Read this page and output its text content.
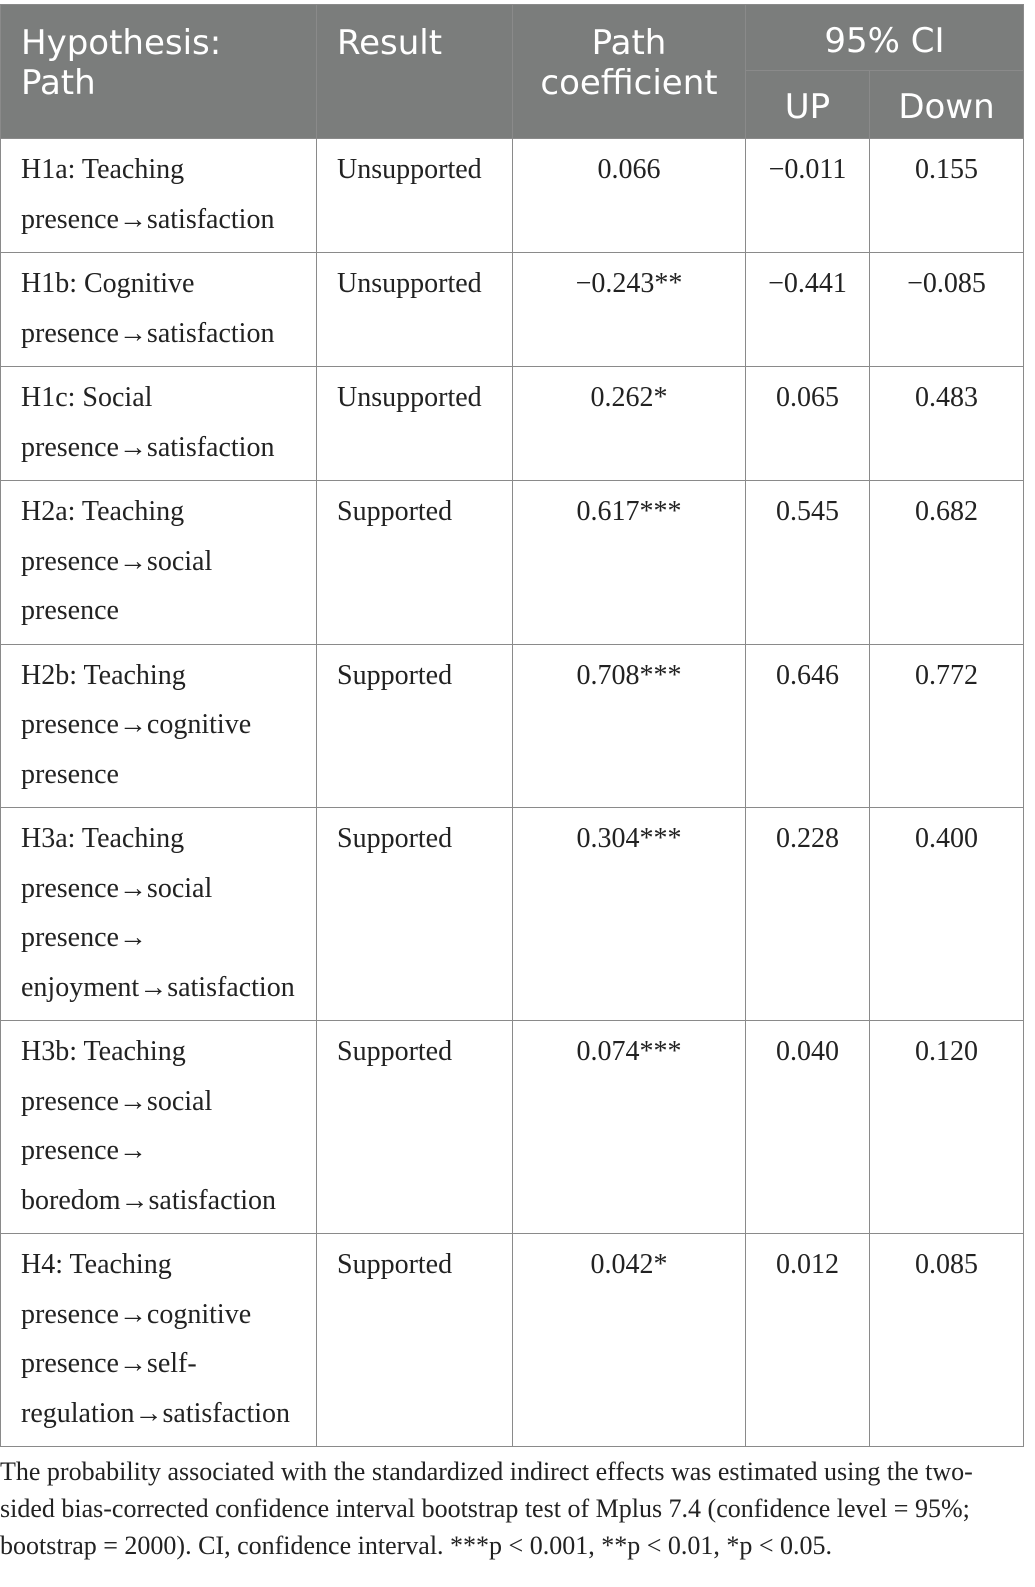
Hypothesis: Path	Result	Path coefficient	95% CI	
			UP	Down
H1a: Teaching presence→satisfaction	Unsupported	0.066	−0.011	0.155
H1b: Cognitive presence→satisfaction	Unsupported	−0.243**	−0.441	−0.085
H1c: Social presence→satisfaction	Unsupported	0.262*	0.065	0.483
H2a: Teaching presence→social presence	Supported	0.617***	0.545	0.682
H2b: Teaching presence→cognitive presence	Supported	0.708***	0.646	0.772
H3a: Teaching presence→social presence→ enjoyment→satisfaction	Supported	0.304***	0.228	0.400
H3b: Teaching presence→social presence→ boredom→satisfaction	Supported	0.074***	0.040	0.120
H4: Teaching presence→cognitive presence→self-regulation→satisfaction	Supported	0.042*	0.012	0.085
The probability associated with the standardized indirect effects was estimated using the two-sided bias-corrected confidence interval bootstrap test of Mplus 7.4 (confidence level = 95%; bootstrap = 2000). CI, confidence interval. ***p < 0.001, **p < 0.01, *p < 0.05.
